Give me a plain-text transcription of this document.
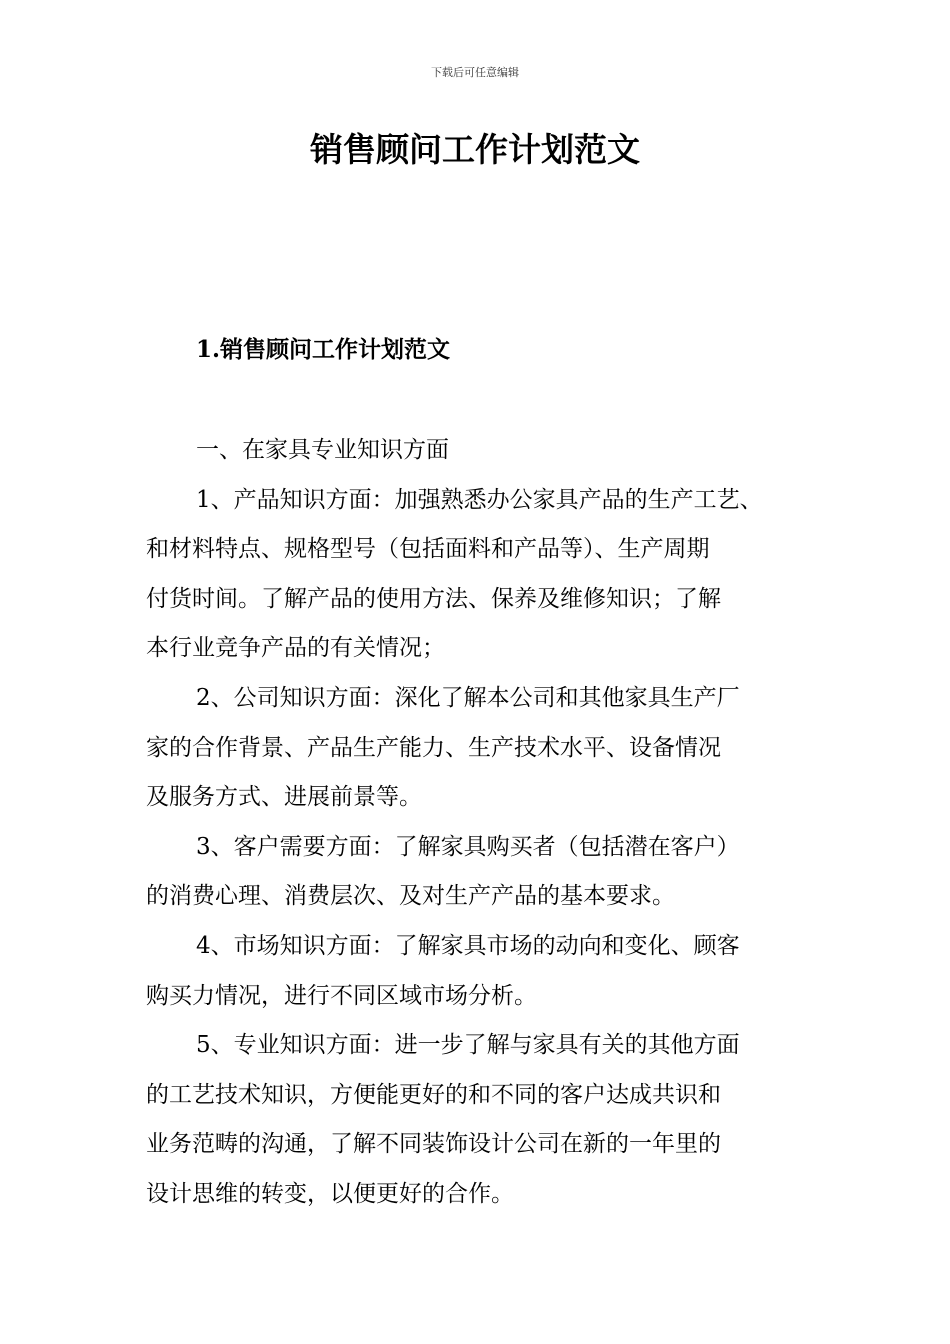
下载后可任意编辑
销售顾问工作计划范文
1.销售顾问工作计划范文
一、在家具专业知识方面
1、产品知识方面：加强熟悉办公家具产品的生产工艺、
和材料特点、规格型号（包括面料和产品等）、生产周期
付货时间。了解产品的使用方法、保养及维修知识；了解
本行业竞争产品的有关情况；
2、公司知识方面：深化了解本公司和其他家具生产厂
家的合作背景、产品生产能力、生产技术水平、设备情况
及服务方式、进展前景等。
3、客户需要方面：了解家具购买者（包括潜在客户）
的消费心理、消费层次、及对生产产品的基本要求。
4、市场知识方面：了解家具市场的动向和变化、顾客
购买力情况，进行不同区域市场分析。
5、专业知识方面：进一步了解与家具有关的其他方面
的工艺技术知识，方便能更好的和不同的客户达成共识和
业务范畴的沟通，了解不同装饰设计公司在新的一年里的
设计思维的转变，以便更好的合作。
